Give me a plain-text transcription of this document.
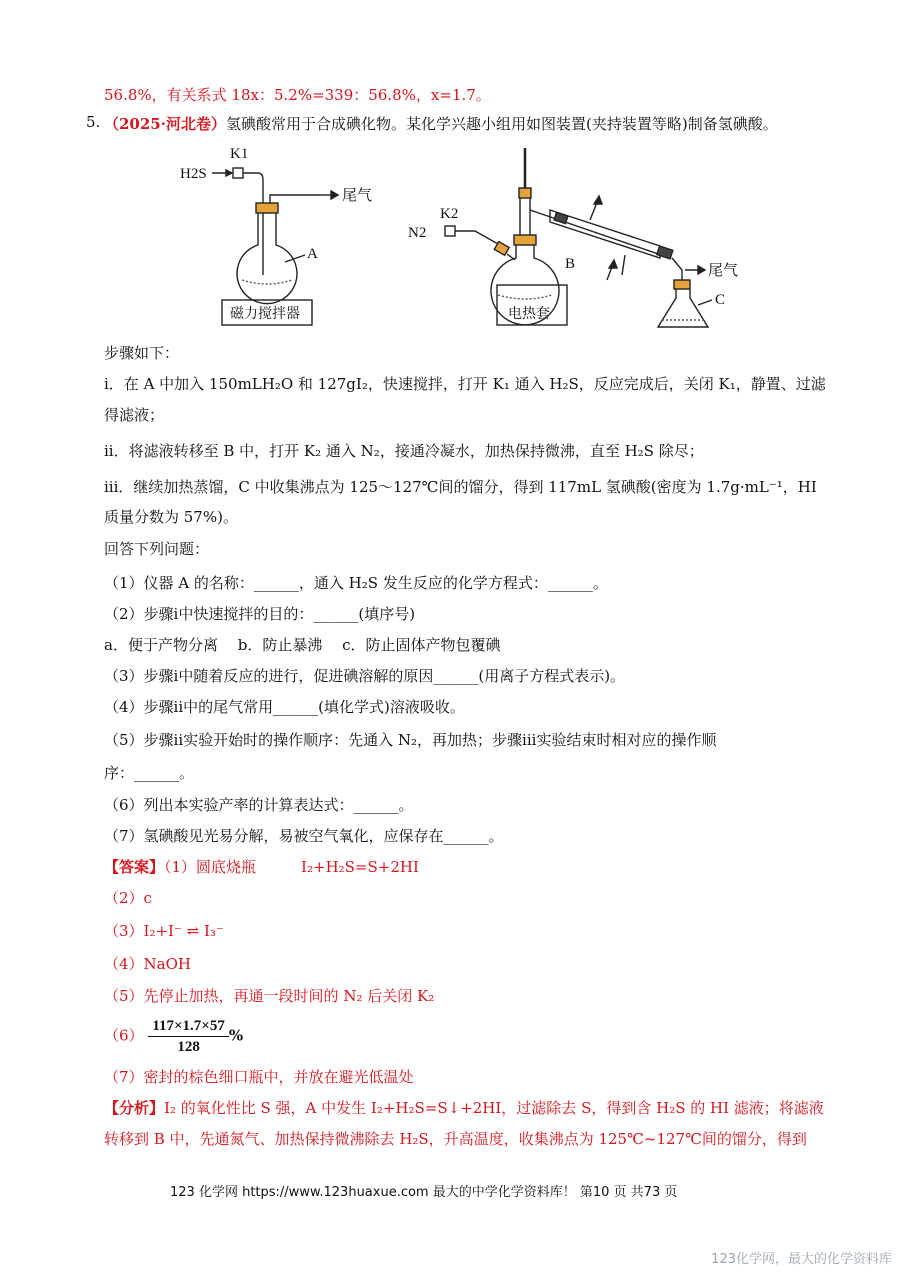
56.8%，有关系式 18x：5.2%=339：56.8%，x=1.7。
5. （2025·河北卷）氢碘酸常用于合成碘化物。某化学兴趣小组用如图装置(夹持装置等略)制备氢碘酸。
H2S
K1
尾气
A
磁力搅拌器
N2
K2
B
电热套
尾气
C
步骤如下：
i．在 A 中加入 150mLH₂O 和 127gI₂，快速搅拌，打开 K₁ 通入 H₂S，反应完成后，关闭 K₁，静置、过滤
得滤液；
ii．将滤液转移至 B 中，打开 K₂ 通入 N₂，接通冷凝水，加热保持微沸，直至 H₂S 除尽；
iii．继续加热蒸馏，C 中收集沸点为 125～127℃间的馏分，得到 117mL 氢碘酸(密度为 1.7g·mL⁻¹，HI
质量分数为 57%)。
回答下列问题：
（1）仪器 A 的名称：______，通入 H₂S 发生反应的化学方程式：______。
（2）步骤i中快速搅拌的目的：______(填序号)
a．便于产物分离　 b．防止暴沸　 c．防止固体产物包覆碘
（3）步骤i中随着反应的进行，促进碘溶解的原因______(用离子方程式表示)。
（4）步骤ii中的尾气常用______(填化学式)溶液吸收。
（5）步骤ii实验开始时的操作顺序：先通入 N₂，再加热；步骤iii实验结束时相对应的操作顺
序：______。
（6）列出本实验产率的计算表达式：______。
（7）氢碘酸见光易分解，易被空气氧化，应保存在______。
【答案】（1）圆底烧瓶　　　I₂+H₂S=S+2HI
（2）c
（3）I₂+I⁻ ⇌ I₃⁻
（4）NaOH
（5）先停止加热，再通一段时间的 N₂ 后关闭 K₂
$(6) \frac{117\times 1.7\times 57}{128}$ %
（7）密封的棕色细口瓶中，并放在避光低温处
【分析】I₂ 的氧化性比 S 强，A 中发生 I₂+H₂S=S↓+2HI，过滤除去 S，得到含 H₂S 的 HI 滤液；将滤液
转移到 B 中，先通氮气、加热保持微沸除去 H₂S，升高温度，收集沸点为 125℃~127℃间的馏分，得到
123 化学网 https://www.123huaxue.com 最大的中学化学资料库！ 第10 页 共73 页
123化学网，最大的化学资料库
